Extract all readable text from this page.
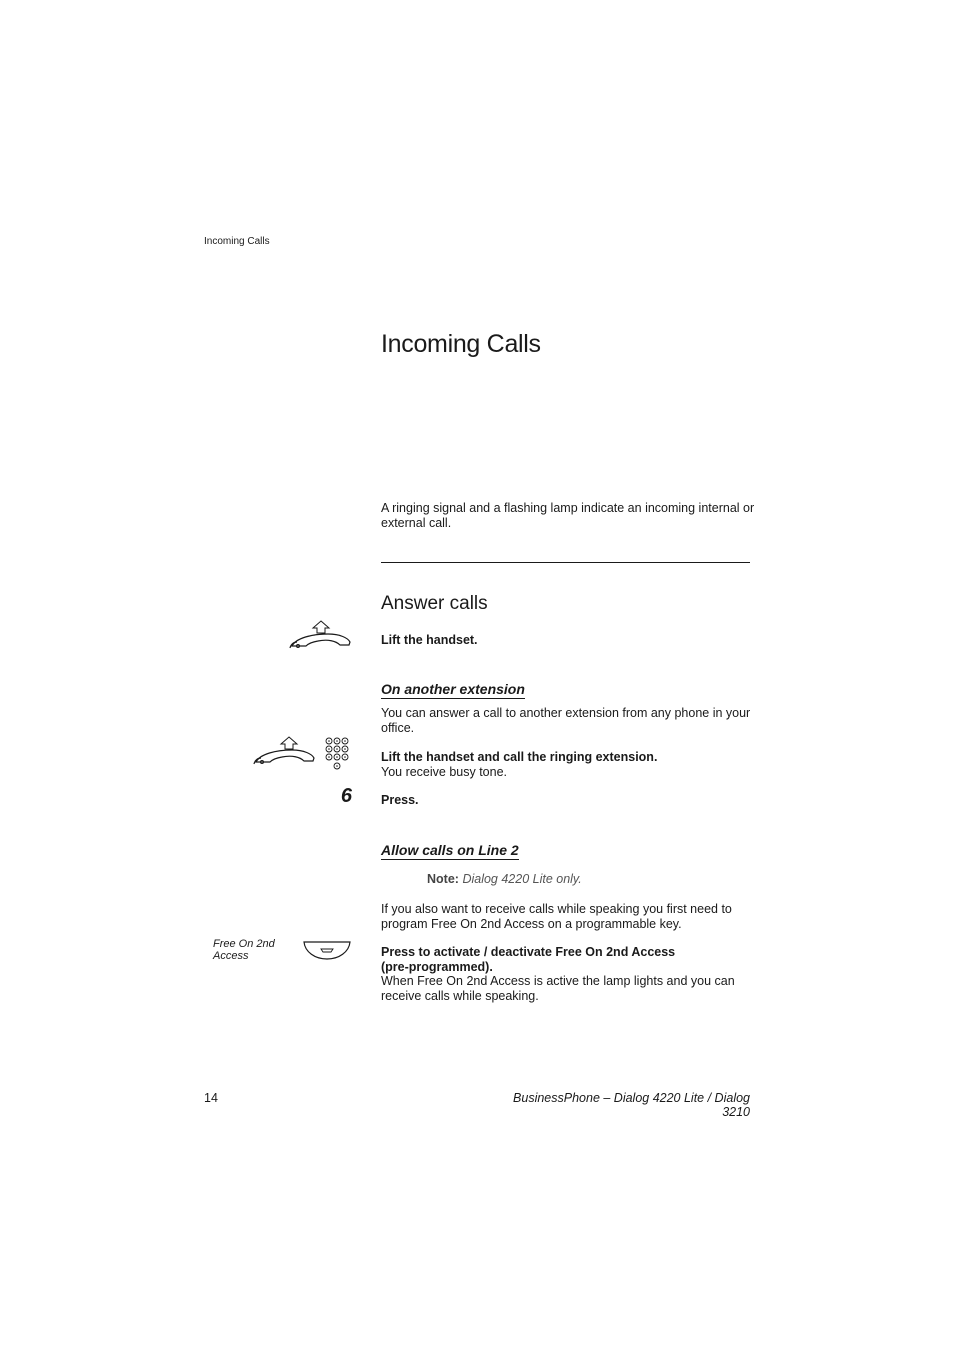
Incoming Calls
Incoming Calls

A ringing signal and a flashing lamp indicate an incoming internal or external call.

Answer calls

Lift the handset.

On another extension

You can answer a call to another extension from any phone in your office.

Lift the handset and call the ringing extension.
You receive busy tone.
6 Press.

Allow calls on Line 2
Note: Dialog 4220 Lite only.

If you also want to receive calls while speaking you first need to program Free On 2nd Access on a programmable key.

Free On 2nd Access	Press to activate / deactivate Free On 2nd Access (pre-programmed).
When Free On 2nd Access is active the lamp lights and you can receive calls while speaking.
14	BusinessPhone – Dialog 4220 Lite / Dialog 3210
